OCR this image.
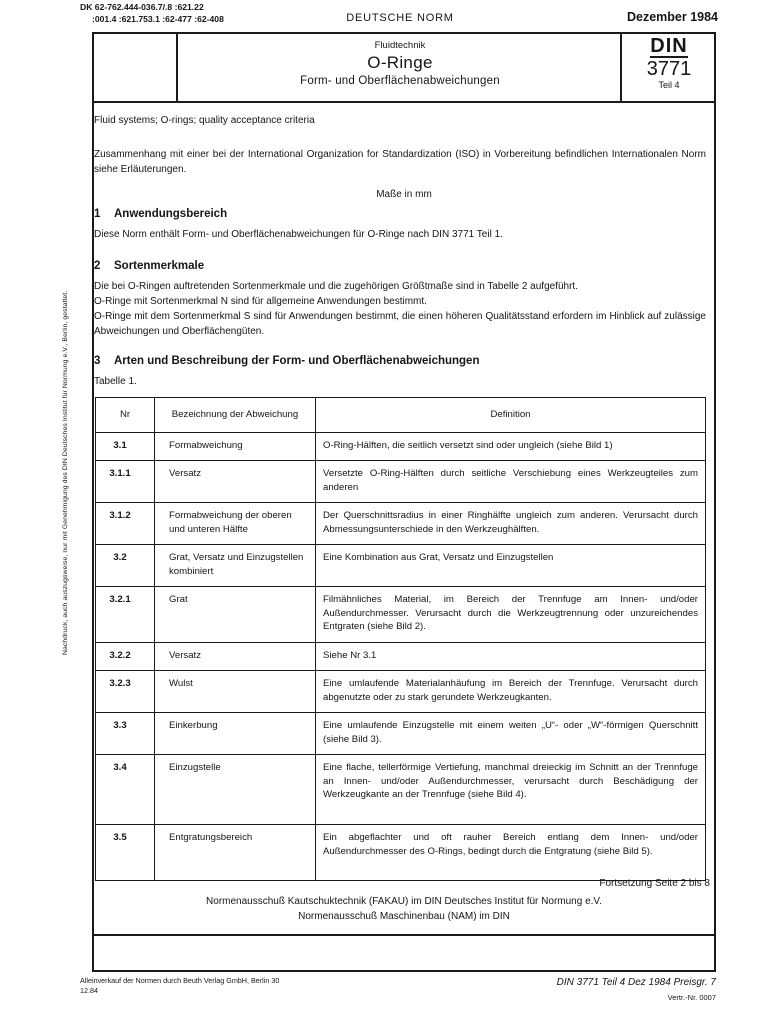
DK 62-762.444-036.7/.8 :621.22
:001.4 :621.753.1 :62-477 :62-408	DEUTSCHE NORM	Dezember 1984
Fluidtechnik
O-Ringe
Form- und Oberflächenabweichungen
DIN
3771
Teil 4
Fluid systems; O-rings; quality acceptance criteria
Zusammenhang mit einer bei der International Organization for Standardization (ISO) in Vorbereitung befindlichen Internationalen Norm siehe Erläuterungen.
Maße in mm
1 Anwendungsbereich
Diese Norm enthält Form- und Oberflächenabweichungen für O-Ringe nach DIN 3771 Teil 1.
2 Sortenmerkmale
Die bei O-Ringen auftretenden Sortenmerkmale und die zugehörigen Größtmaße sind in Tabelle 2 aufgeführt.
O-Ringe mit Sortenmerkmal N sind für allgemeine Anwendungen bestimmt.
O-Ringe mit dem Sortenmerkmal S sind für Anwendungen bestimmt, die einen höheren Qualitätsstand erfordern im Hinblick auf zulässige Abweichungen und Oberflächengüten.
3 Arten und Beschreibung der Form- und Oberflächenabweichungen
Tabelle 1.
Nr	Bezeichnung der Abweichung	Definition
3.1	Formabweichung	O-Ring-Hälften, die seitlich versetzt sind oder ungleich (siehe Bild 1)
3.1.1	Versatz	Versetzte O-Ring-Hälften durch seitliche Verschiebung eines Werkzeugteiles zum anderen
3.1.2	Formabweichung der oberen und unteren Hälfte	Der Querschnittsradius in einer Ringhälfte ungleich zum anderen. Verursacht durch Abmessungsunterschiede in den Werkzeughälften.
3.2	Grat, Versatz und Einzugstellen kombiniert	Eine Kombination aus Grat, Versatz und Einzugstellen
3.2.1	Grat	Filmähnliches Material, im Bereich der Trennfuge am Innen- und/oder Außendurchmesser. Verursacht durch die Werkzeugtrennung oder unzureichendes Entgraten (siehe Bild 2).
3.2.2	Versatz	Siehe Nr 3.1
3.2.3	Wulst	Eine umlaufende Materialanhäufung im Bereich der Trennfuge. Verursacht durch abgenutzte oder zu stark gerundete Werkzeugkanten.
3.3	Einkerbung	Eine umlaufende Einzugstelle mit einem weiten „U“- oder „W“-förmigen Querschnitt (siehe Bild 3).
3.4	Einzugstelle	Eine flache, tellerförmige Vertiefung, manchmal dreieckig im Schnitt an der Trennfuge an Innen- und/oder Außendurchmesser, verursacht durch Beschädigung der Werkzeugkante an der Trennfuge (siehe Bild 4).
3.5	Entgratungsbereich	Ein abgeflachter und oft rauher Bereich entlang dem Innen- und/oder Außendurchmesser des O-Rings, bedingt durch die Entgratung (siehe Bild 5).
Fortsetzung Seite 2 bis 8
Normenausschuß Kautschuktechnik (FAKAU) im DIN Deutsches Institut für Normung e.V.
Normenausschuß Maschinenbau (NAM) im DIN
Nachdruck, auch auszugsweise, nur mit Genehmigung des DIN Deutsches Institut für Normung e.V., Berlin, gestattet.
Alleinverkauf der Normen durch Beuth Verlag GmbH, Berlin 30
12.84
DIN 3771 Teil 4 Dez 1984 Preisgr. 7
Vertr.-Nr. 0007
